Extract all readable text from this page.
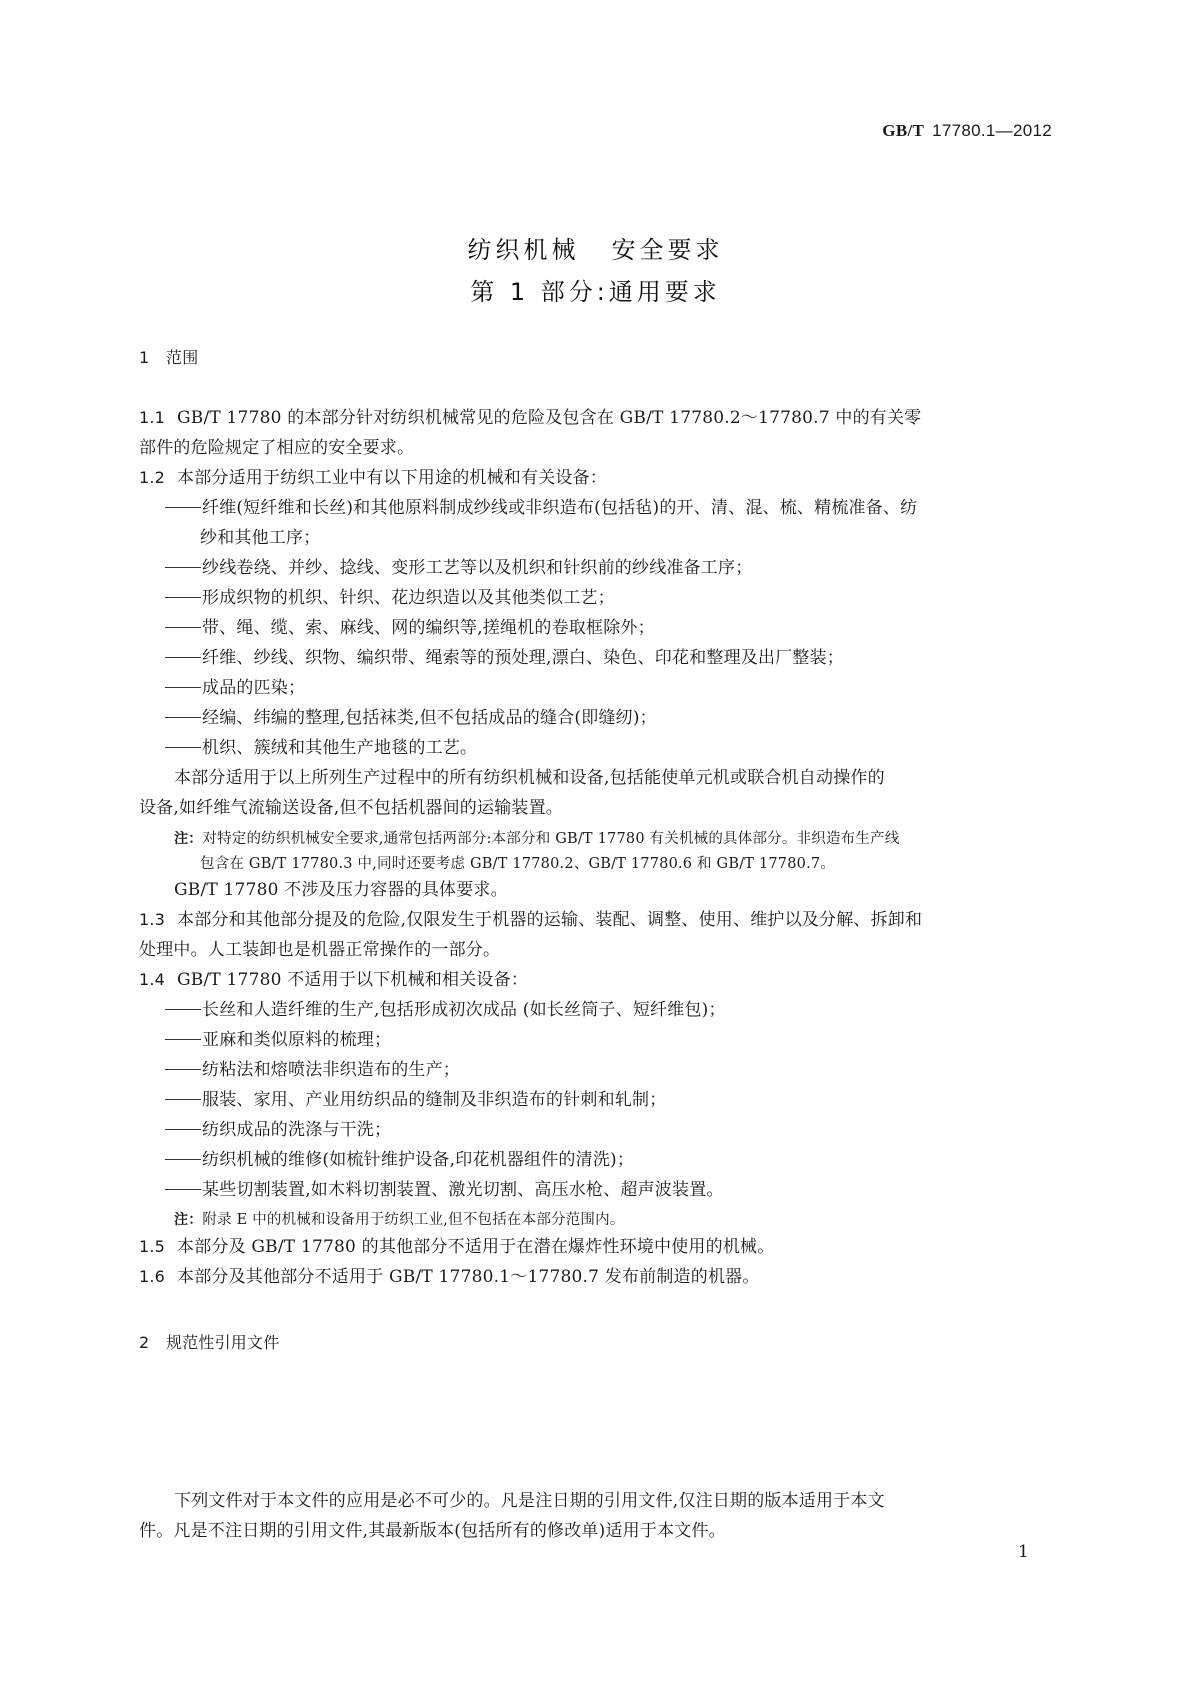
GB/T 17780.1—2012
纺织机械 安全要求
第 1 部分:通用要求
1 范围
1.1 GB/T 17780 的本部分针对纺织机械常见的危险及包含在 GB/T 17780.2～17780.7 中的有关零
部件的危险规定了相应的安全要求。
1.2 本部分适用于纺织工业中有以下用途的机械和有关设备：
纤维(短纤维和长丝)和其他原料制成纱线或非织造布(包括毡)的开、清、混、梳、精梳准备、纺
纱和其他工序；
纱线卷绕、并纱、捻线、变形工艺等以及机织和针织前的纱线准备工序；
形成织物的机织、针织、花边织造以及其他类似工艺；
带、绳、缆、索、麻线、网的编织等,搓绳机的卷取框除外；
纤维、纱线、织物、编织带、绳索等的预处理,漂白、染色、印花和整理及出厂整装；
成品的匹染；
经编、纬编的整理,包括袜类,但不包括成品的缝合(即缝纫)；
机织、簇绒和其他生产地毯的工艺。
本部分适用于以上所列生产过程中的所有纺织机械和设备,包括能使单元机或联合机自动操作的
设备,如纤维气流输送设备,但不包括机器间的运输装置。
注：对特定的纺织机械安全要求,通常包括两部分:本部分和 GB/T 17780 有关机械的具体部分。非织造布生产线
包含在 GB/T 17780.3 中,同时还要考虑 GB/T 17780.2、GB/T 17780.6 和 GB/T 17780.7。
GB/T 17780 不涉及压力容器的具体要求。
1.3 本部分和其他部分提及的危险,仅限发生于机器的运输、装配、调整、使用、维护以及分解、拆卸和
处理中。人工装卸也是机器正常操作的一部分。
1.4 GB/T 17780 不适用于以下机械和相关设备：
长丝和人造纤维的生产,包括形成初次成品 (如长丝筒子、短纤维包)；
亚麻和类似原料的梳理；
纺粘法和熔喷法非织造布的生产；
服装、家用、产业用纺织品的缝制及非织造布的针刺和轧制；
纺织成品的洗涤与干洗；
纺织机械的维修(如梳针维护设备,印花机器组件的清洗)；
某些切割装置,如木料切割装置、激光切割、高压水枪、超声波装置。
注：附录 E 中的机械和设备用于纺织工业,但不包括在本部分范围内。
1.5 本部分及 GB/T 17780 的其他部分不适用于在潜在爆炸性环境中使用的机械。
1.6 本部分及其他部分不适用于 GB/T 17780.1～17780.7 发布前制造的机器。
2 规范性引用文件
下列文件对于本文件的应用是必不可少的。凡是注日期的引用文件,仅注日期的版本适用于本文
件。凡是不注日期的引用文件,其最新版本(包括所有的修改单)适用于本文件。
1
